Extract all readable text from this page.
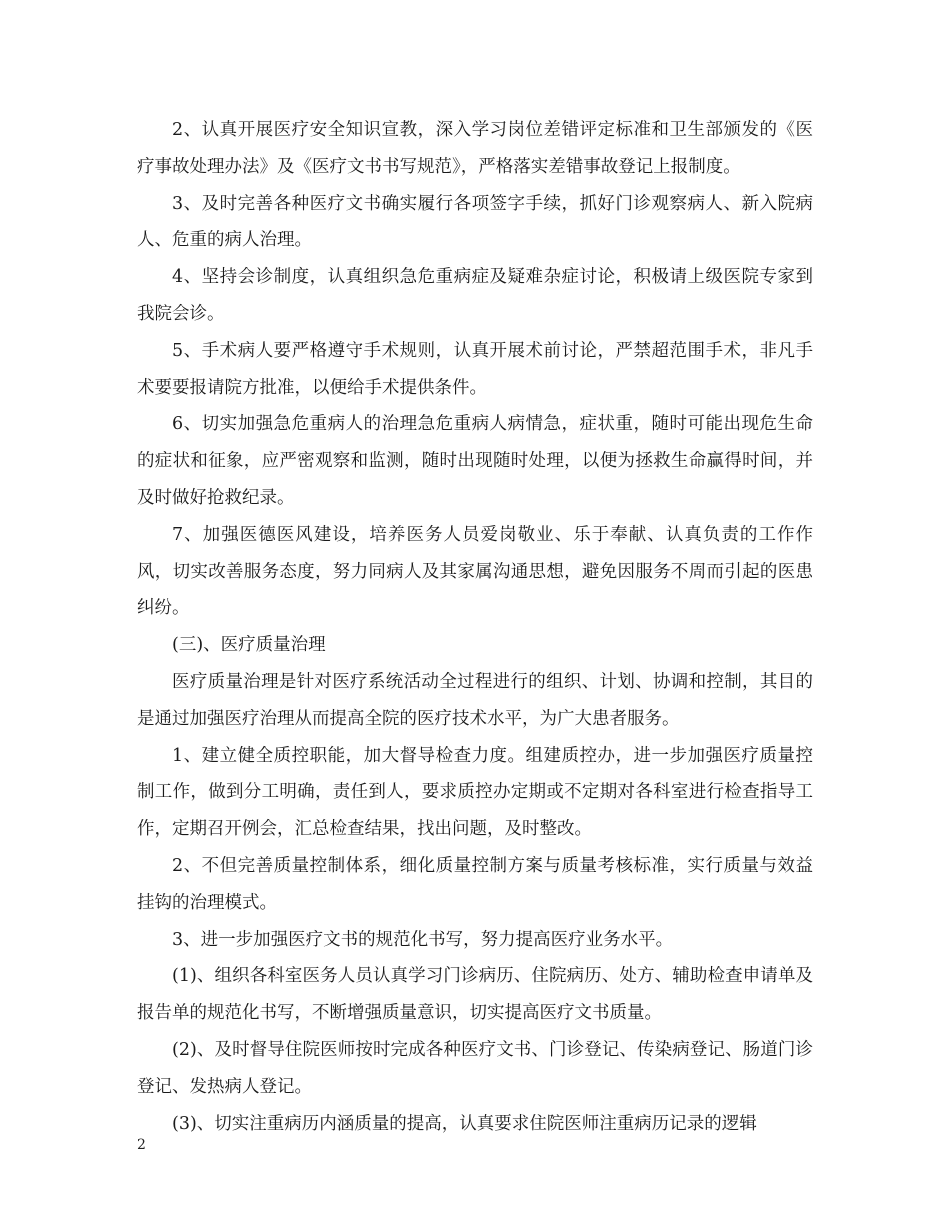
2、认真开展医疗安全知识宣教，深入学习岗位差错评定标准和卫生部颁发的《医疗事故处理办法》及《医疗文书书写规范》，严格落实差错事故登记上报制度。

3、及时完善各种医疗文书确实履行各项签字手续，抓好门诊观察病人、新入院病人、危重的病人治理。

4、坚持会诊制度，认真组织急危重病症及疑难杂症讨论，积极请上级医院专家到我院会诊。

5、手术病人要严格遵守手术规则，认真开展术前讨论，严禁超范围手术，非凡手术要要报请院方批准，以便给手术提供条件。

6、切实加强急危重病人的治理急危重病人病情急，症状重，随时可能出现危生命的症状和征象，应严密观察和监测，随时出现随时处理，以便为拯救生命赢得时间，并及时做好抢救纪录。

7、加强医德医风建设，培养医务人员爱岗敬业、乐于奉献、认真负责的工作作风，切实改善服务态度，努力同病人及其家属沟通思想，避免因服务不周而引起的医患纠纷。

(三)、医疗质量治理

医疗质量治理是针对医疗系统活动全过程进行的组织、计划、协调和控制，其目的是通过加强医疗治理从而提高全院的医疗技术水平，为广大患者服务。

1、建立健全质控职能，加大督导检查力度。组建质控办，进一步加强医疗质量控制工作，做到分工明确，责任到人，要求质控办定期或不定期对各科室进行检查指导工作，定期召开例会，汇总检查结果，找出问题，及时整改。

2、不但完善质量控制体系，细化质量控制方案与质量考核标准，实行质量与效益挂钩的治理模式。

3、进一步加强医疗文书的规范化书写，努力提高医疗业务水平。

(1)、组织各科室医务人员认真学习门诊病历、住院病历、处方、辅助检查申请单及报告单的规范化书写，不断增强质量意识，切实提高医疗文书质量。

(2)、及时督导住院医师按时完成各种医疗文书、门诊登记、传染病登记、肠道门诊登记、发热病人登记。

(3)、切实注重病历内涵质量的提高，认真要求住院医师注重病历记录的逻辑

2
